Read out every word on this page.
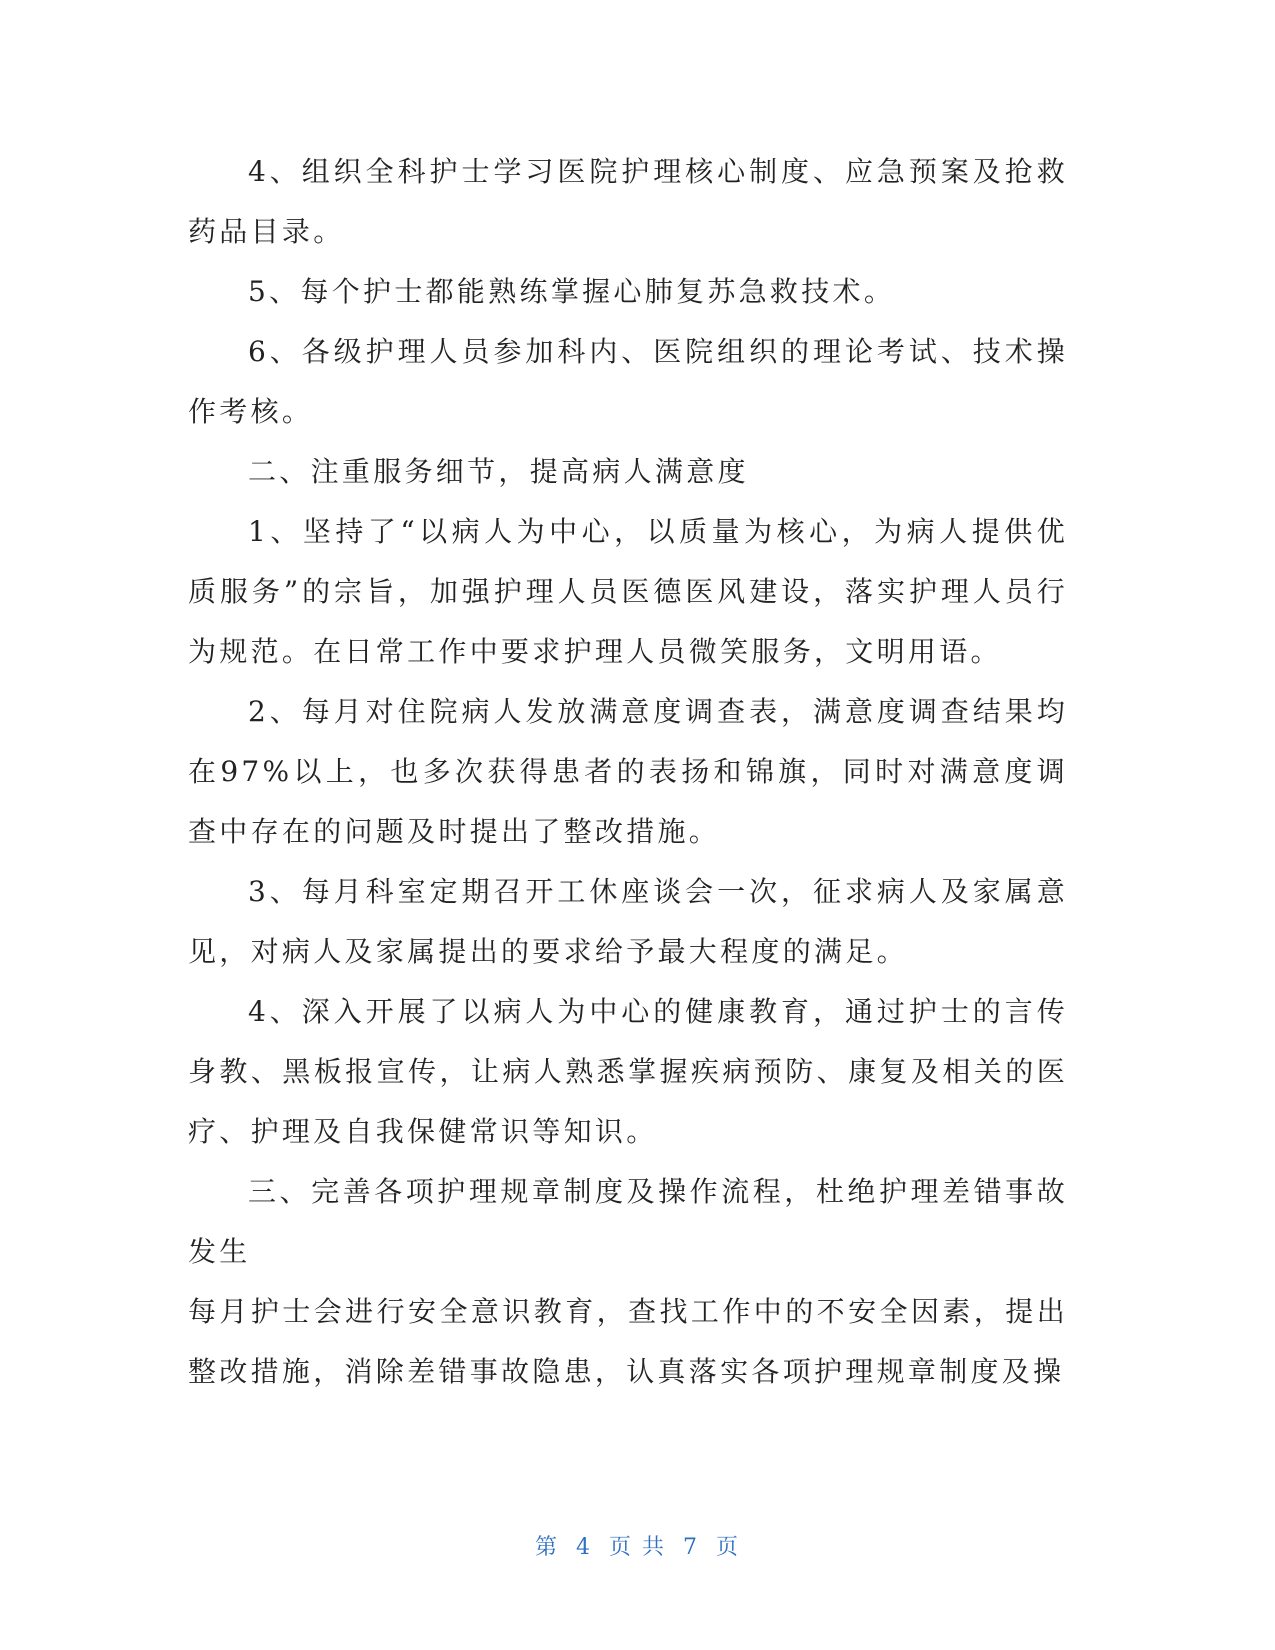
4、组织全科护士学习医院护理核心制度、应急预案及抢救药品目录。

5、每个护士都能熟练掌握心肺复苏急救技术。

6、各级护理人员参加科内、医院组织的理论考试、技术操作考核。

二、注重服务细节，提高病人满意度

1、坚持了“以病人为中心，以质量为核心，为病人提供优质服务”的宗旨，加强护理人员医德医风建设，落实护理人员行为规范。在日常工作中要求护理人员微笑服务，文明用语。

2、每月对住院病人发放满意度调查表，满意度调查结果均在97%以上，也多次获得患者的表扬和锦旗，同时对满意度调查中存在的问题及时提出了整改措施。

3、每月科室定期召开工休座谈会一次，征求病人及家属意见，对病人及家属提出的要求给予最大程度的满足。

4、深入开展了以病人为中心的健康教育，通过护士的言传身教、黑板报宣传，让病人熟悉掌握疾病预防、康复及相关的医疗、护理及自我保健常识等知识。

三、完善各项护理规章制度及操作流程，杜绝护理差错事故发生

每月护士会进行安全意识教育，查找工作中的不安全因素，提出整改措施，消除差错事故隐患，认真落实各项护理规章制度及操

第 4 页 共 7 页
